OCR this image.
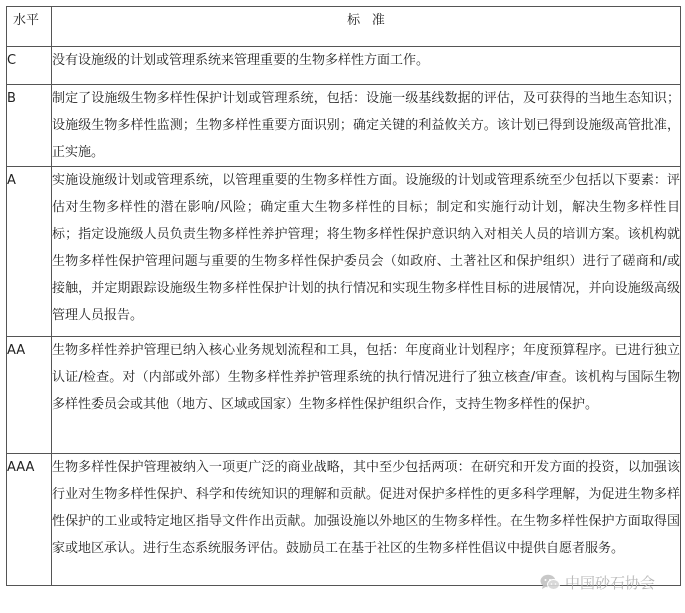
水平	标准
C	没有设施级的计划或管理系统来管理重要的生物多样性方面工作。
B	制定了设施级生物多样性保护计划或管理系统，包括：设施一级基线数据的评估，及可获得的当地生态知识；设施级生物多样性监测；生物多样性重要方面识别；确定关键的利益攸关方。该计划已得到设施级高管批准，正实施。
A	实施设施级计划或管理系统，以管理重要的生物多样性方面。设施级的计划或管理系统至少包括以下要素：评估对生物多样性的潜在影响/风险；确定重大生物多样性的目标；制定和实施行动计划，解决生物多样性目标；指定设施级人员负责生物多样性养护管理；将生物多样性保护意识纳入对相关人员的培训方案。该机构就生物多样性保护管理问题与重要的生物多样性保护委员会（如政府、土著社区和保护组织）进行了磋商和/或接触，并定期跟踪设施级生物多样性保护计划的执行情况和实现生物多样性目标的进展情况，并向设施级高级管理人员报告。
AA	生物多样性养护管理已纳入核心业务规划流程和工具，包括：年度商业计划程序；年度预算程序。已进行独立认证/检查。对（内部或外部）生物多样性养护管理系统的执行情况进行了独立核查/审查。该机构与国际生物多样性委员会或其他（地方、区域或国家）生物多样性保护组织合作，支持生物多样性的保护。
AAA	生物多样性保护管理被纳入一项更广泛的商业战略，其中至少包括两项：在研究和开发方面的投资，以加强该行业对生物多样性保护、科学和传统知识的理解和贡献。促进对保护多样性的更多科学理解，为促进生物多样性保护的工业或特定地区指导文件作出贡献。加强设施以外地区的生物多样性。在生物多样性保护方面取得国家或地区承认。进行生态系统服务评估。鼓励员工在基于社区的生物多样性倡议中提供自愿者服务。
中国砂石协会
